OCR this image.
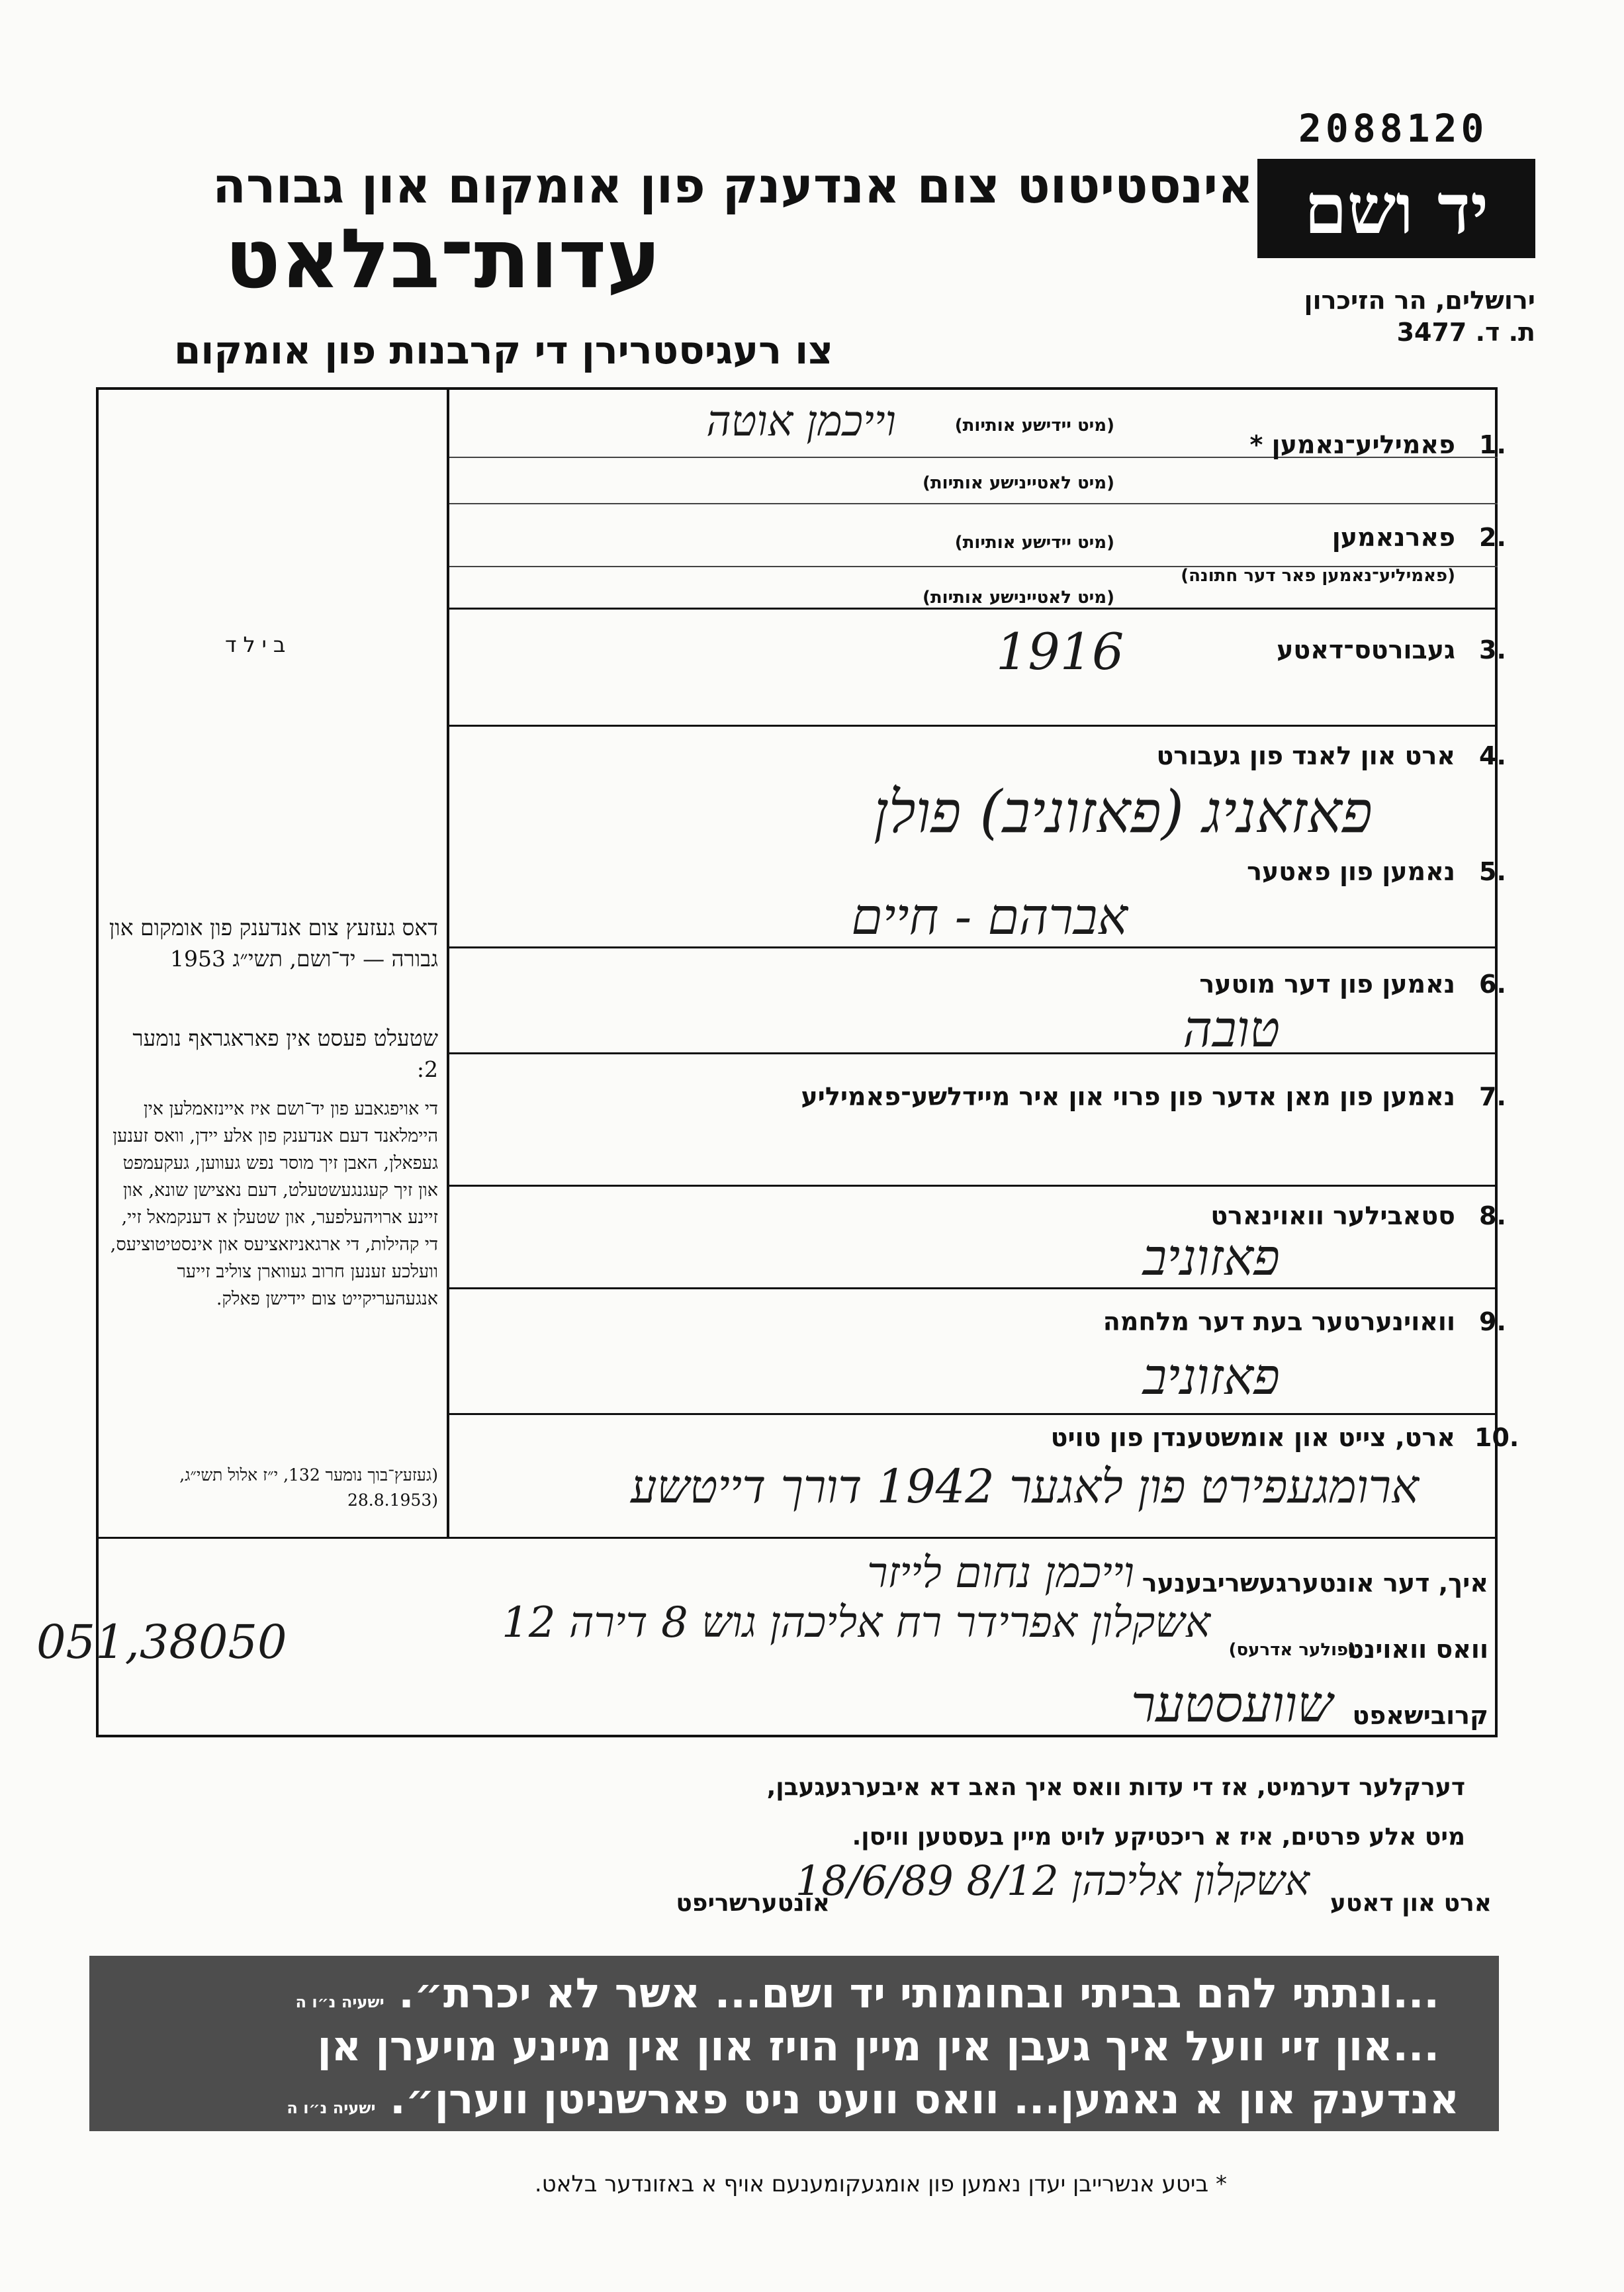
2088120
יד ושם
ירושלים, הר הזיכרון
ת. ד. 3477
אינסטיטוט צום אנדענק פון אומקום און גבורה
עדות־בלאט
צו רעגיסטרירן די קרבנות פון אומקום
בילד
דאס געזעץ צום אנדענק פון אומקום און גבורה — יד־ושם, תשי״ג 1953
שטעלט פעסט אין פאראגראף נומער 2:
די אויפגאבע פון יד־ושם איז איינזאמלען אין היימלאנד דעם אנדענק פון אלע יידן, וואס זענען געפאלן, האבן זיך מוסר נפש געווען, געקעמפט און זיך קעגנגעשטעלט, דעם נאצישן שונא, און זיינע ארויהעלפער, און שטעלן א דענקמאל זיי, די קהילות, די ארגאניזאציעס און אינסטיטוציעס, וועלכע זענען חרוב געווארן צוליב זייער אנגעהעריקייט צום יידישן פאלק.
(געזעץ־בוך נומער 132, י״ז אלול תשי״ג, (28.8.1953
1.
פאמיליע־נאמען *
(מיט יידישע אותיות)
(מיט לאטיינישע אותיות)
וייכמן אוטה
2.
פארנאמען
(מיט יידישע אותיות)
(פאמיליע־נאמען פאר דער חתונה)
(מיט לאטיינישע אותיות)
3.
געבורטס־דאטע
1916
4.
ארט און לאנד פון געבורט
פאזאניג (פאזוניב) פולן
5.
נאמען פון פאטער
אברהם - חיים
6.
נאמען פון דער מוטער
טובה
7.
נאמען פון מאן אדער פון פרוי און איר מיידלשע־פאמיליע
8.
סטאבילער וואוינארט
פאזוניב
9.
וואוינערטער בעת דער מלחמה
פאזוניב
10.
ארט, צייט און אומשטענדן פון טויט
ארומגעפירט פון לאגער 1942 דורך דייטשע
איך, דער אונטערגעשריבענער
וייכמן נחום לייזר
וואס וואוינט
(פולער אדרעס)
אשקלון אפרידר רח אליכהן גוש 8 דירה 12
051,38050
קרובישאפט
שוועסטער
דערקלער דערמיט, אז די עדות וואס איך האב דא איבערגעגעבן,
מיט אלע פרטים, איז א ריכטיקע לויט מיין בעסטען וויסן.
ארט און דאטע
אשקלון אליכהן 8/12 18/6/89
אונטערשריפט
...ונתתי להם בביתי ובחומותי יד ושם... אשר לא יכרת״. ישעיה נ״ו ה
...און זיי וועל איך געבן אין מיין הויז און אין מיינע מויערן אן
אנדענק און א נאמען... וואס וועט ניט פארשניטן ווערן״. ישעיה נ״ו ה
* ביטע אנשרייבן יעדן נאמען פון אומגעקומענעם אויף א באזונדער בלאט.
